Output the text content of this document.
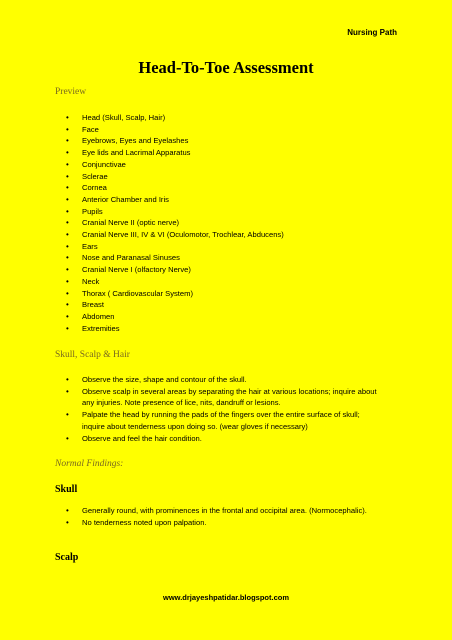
Nursing Path
Head-To-Toe Assessment
Preview
• Head (Skull, Scalp, Hair)
• Face
• Eyebrows, Eyes and Eyelashes
• Eye lids and Lacrimal Apparatus
• Conjunctivae
• Sclerae
• Cornea
• Anterior Chamber and Iris
• Pupils
• Cranial Nerve II (optic nerve)
• Cranial Nerve III, IV & VI (Oculomotor, Trochlear, Abducens)
• Ears
• Nose and Paranasal Sinuses
• Cranial Nerve I (olfactory Nerve)
• Neck
• Thorax ( Cardiovascular System)
• Breast
• Abdomen
• Extremities
Skull, Scalp & Hair
• Observe the size, shape and contour of the skull.
• Observe scalp in several areas by separating the hair at various locations; inquire about any injuries. Note presence of lice, nits, dandruff or lesions.
• Palpate the head by running the pads of the fingers over the entire surface of skull; inquire about tenderness upon doing so. (wear gloves if necessary)
• Observe and feel the hair condition.
Normal Findings:
Skull
• Generally round, with prominences in the frontal and occipital area. (Normocephalic).
• No tenderness noted upon palpation.
Scalp
www.drjayeshpatidar.blogspot.com
